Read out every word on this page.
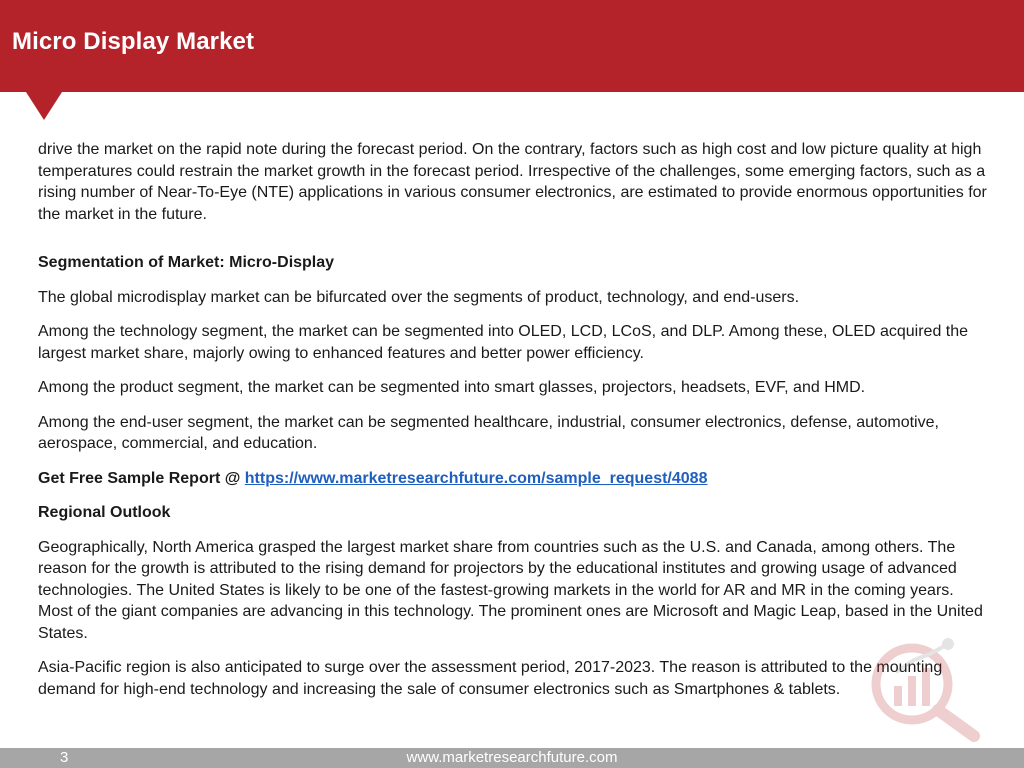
Micro Display Market

drive the market on the rapid note during the forecast period. On the contrary, factors such as high cost and low picture quality at high temperatures could restrain the market growth in the forecast period. Irrespective of the challenges, some emerging factors, such as a rising number of Near-To-Eye (NTE) applications in various consumer electronics, are estimated to provide enormous opportunities for the market in the future.

Segmentation of Market: Micro-Display

The global microdisplay market can be bifurcated over the segments of product, technology, and end-users.

Among the technology segment, the market can be segmented into OLED, LCD, LCoS, and DLP. Among these, OLED acquired the largest market share, majorly owing to enhanced features and better power efficiency.

Among the product segment, the market can be segmented into smart glasses, projectors, headsets, EVF, and HMD.

Among the end-user segment, the market can be segmented healthcare, industrial, consumer electronics, defense, automotive, aerospace, commercial, and education.

Get Free Sample Report @ https://www.marketresearchfuture.com/sample_request/4088

Regional Outlook

Geographically, North America grasped the largest market share from countries such as the U.S. and Canada, among others. The reason for the growth is attributed to the rising demand for projectors by the educational institutes and growing usage of advanced technologies. The United States is likely to be one of the fastest-growing markets in the world for AR and MR in the coming years. Most of the giant companies are advancing in this technology. The prominent ones are Microsoft and Magic Leap, based in the United States.

Asia-Pacific region is also anticipated to surge over the assessment period, 2017-2023. The reason is attributed to the mounting demand for high-end technology and increasing the sale of consumer electronics such as Smartphones & tablets.

3	www.marketresearchfuture.com
